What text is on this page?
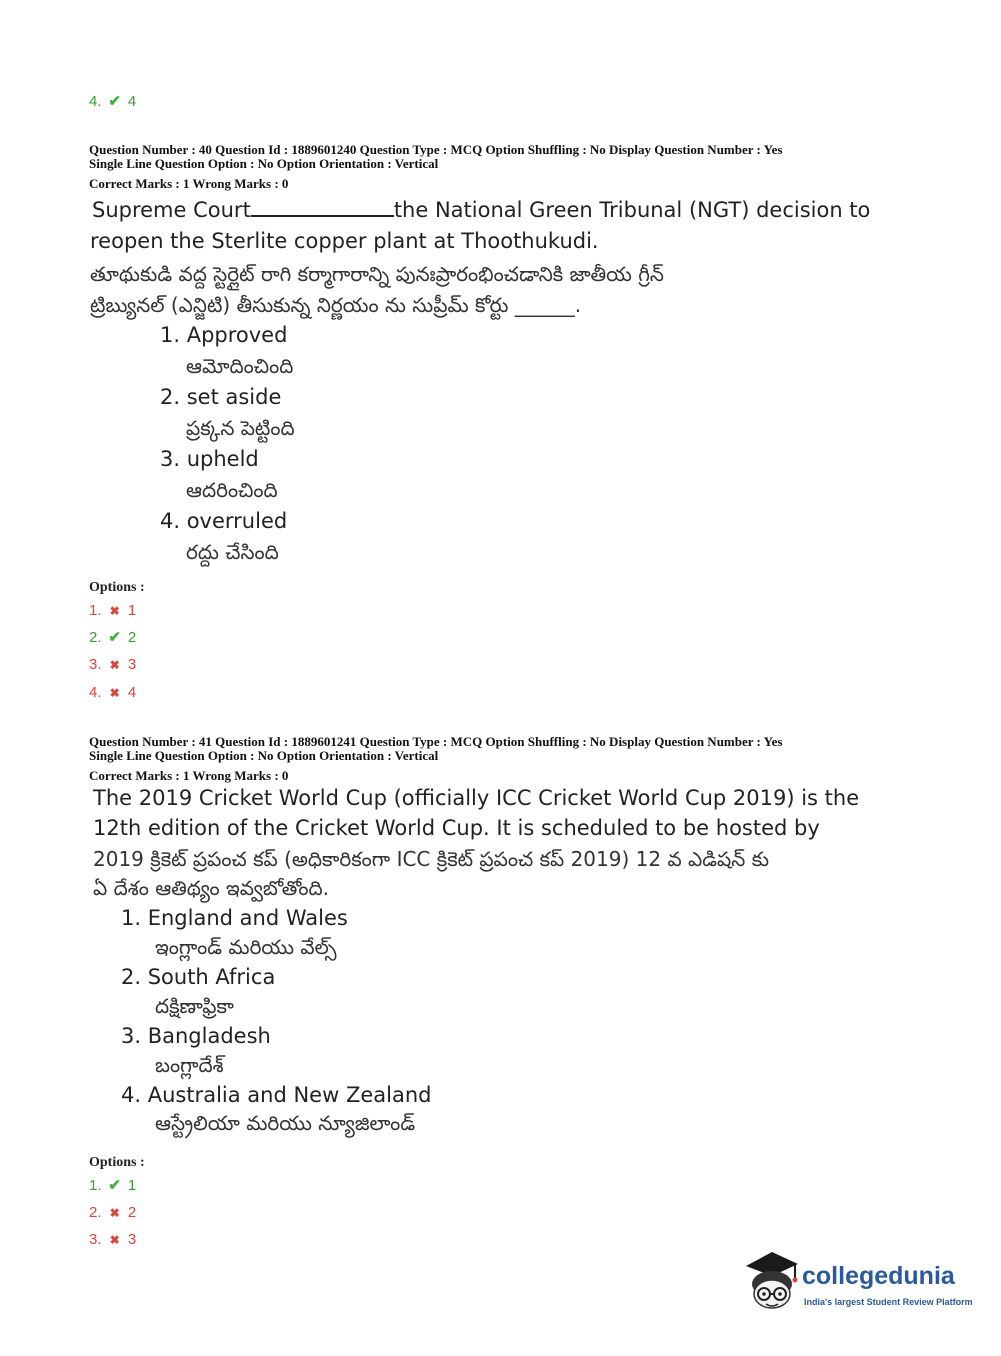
4. ✔ 4
Question Number : 40 Question Id : 1889601240 Question Type : MCQ Option Shuffling : No Display Question Number : Yes
Single Line Question Option : No Option Orientation : Vertical
Correct Marks : 1 Wrong Marks : 0
Supreme Court	the National Green Tribunal (NGT) decision to
reopen the Sterlite copper plant at Thoothukudi.
తూథుకుడి వద్ద స్టెర్లైట్ రాగి కర్మాగారాన్ని పునఃప్రారంభించడానికి జాతీయ గ్రీన్
ట్రిబ్యునల్ (ఎన్జిటి) తీసుకున్న నిర్ణయం ను సుప్రీమ్ కోర్టు ______.
1. Approved
ఆమోదించింది
2. set aside
ప్రక్కన పెట్టింది
3. upheld
ఆదరించింది
4. overruled
రద్దు చేసింది
Options :
1. ✖ 1
2. ✔ 2
3. ✖ 3
4. ✖ 4
Question Number : 41 Question Id : 1889601241 Question Type : MCQ Option Shuffling : No Display Question Number : Yes
Single Line Question Option : No Option Orientation : Vertical
Correct Marks : 1 Wrong Marks : 0
The 2019 Cricket World Cup (officially ICC Cricket World Cup 2019) is the
12th edition of the Cricket World Cup. It is scheduled to be hosted by
2019 క్రికెట్ ప్రపంచ కప్ (అధికారికంగా ICC క్రికెట్ ప్రపంచ కప్ 2019) 12 వ ఎడిషన్ కు
ఏ దేశం ఆతిథ్యం ఇవ్వబోతోంది.
1. England and Wales
ఇంగ్లాండ్ మరియు వేల్స్
2. South Africa
దక్షిణాఫ్రికా
3. Bangladesh
బంగ్లాదేశ్
4. Australia and New Zealand
ఆస్ట్రేలియా మరియు న్యూజిలాండ్
Options :
1. ✔ 1
2. ✖ 2
3. ✖ 3
collegedunia
India's largest Student Review Platform
